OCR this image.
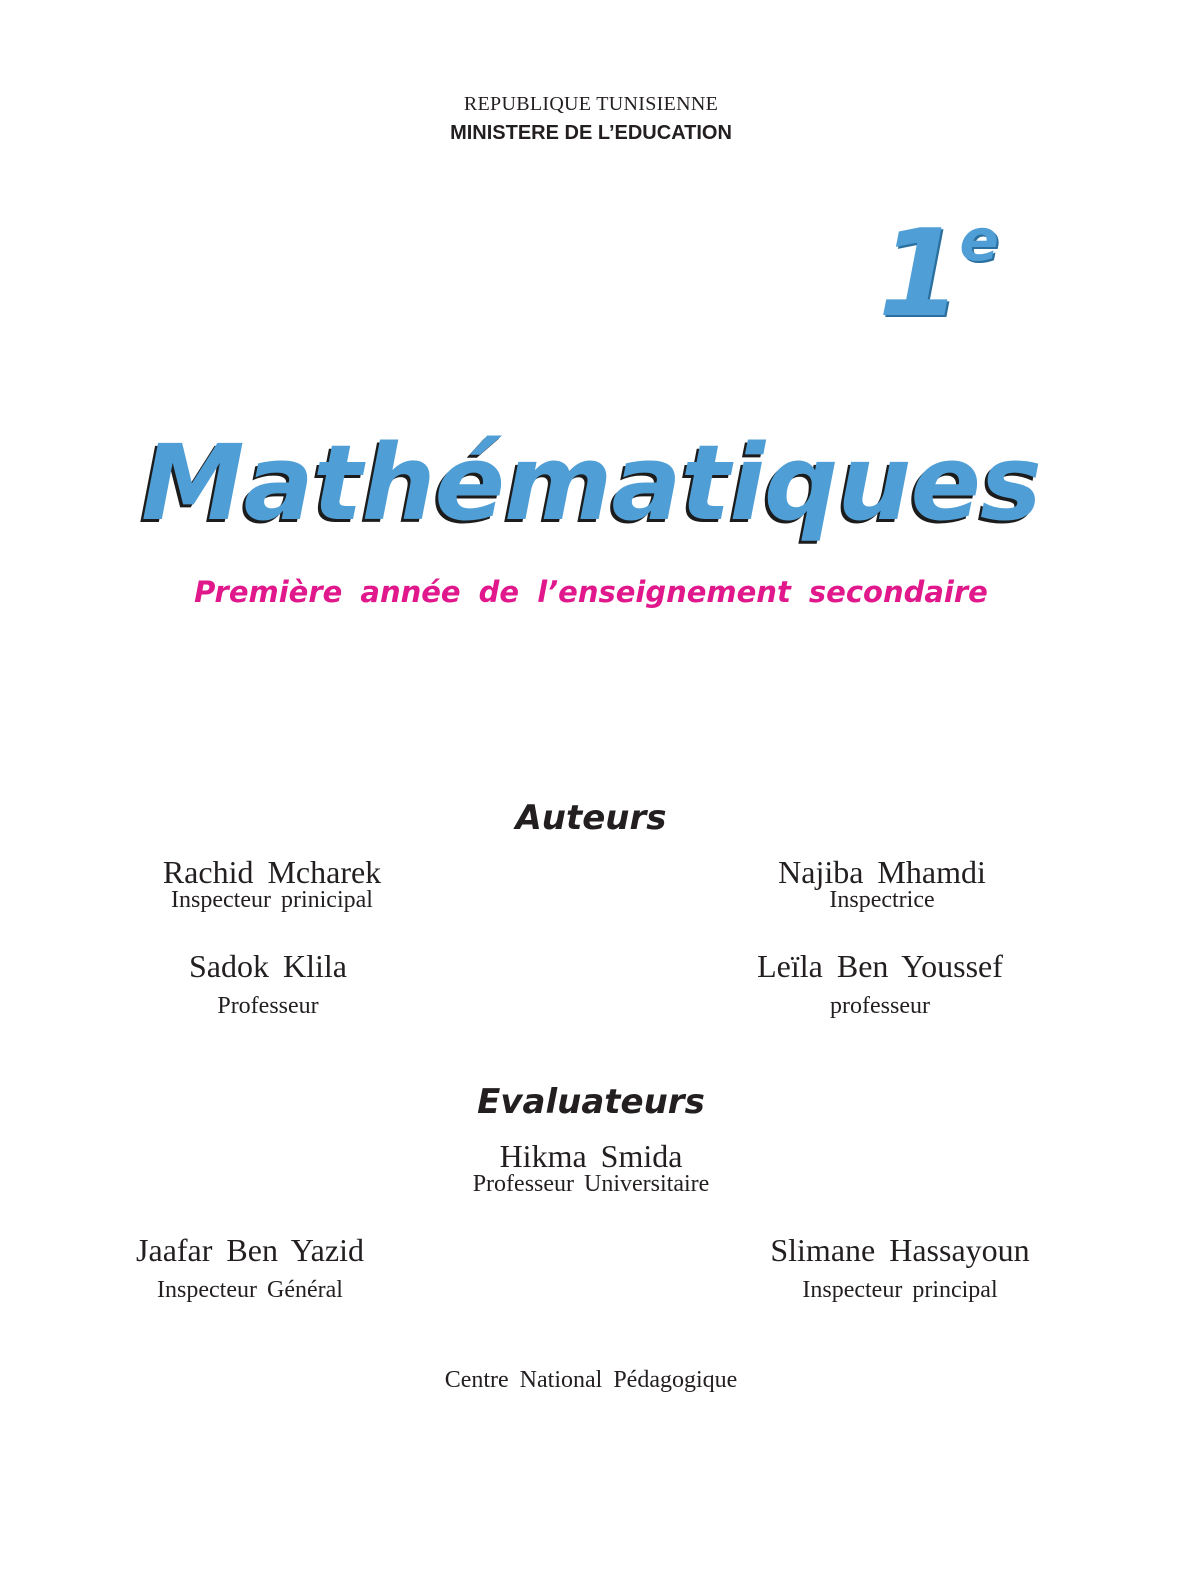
REPUBLIQUE TUNISIENNE
MINISTERE DE L’EDUCATION
1e
Mathématiques
Première année de l’enseignement secondaire
Auteurs
Rachid Mcharek
Inspecteur prinicipal
Najiba Mhamdi
Inspectrice
Sadok Klila
Professeur
Leïla Ben Youssef
professeur
Evaluateurs
Hikma Smida
Professeur Universitaire
Jaafar Ben Yazid
Inspecteur Général
Slimane Hassayoun
Inspecteur principal
Centre National Pédagogique
